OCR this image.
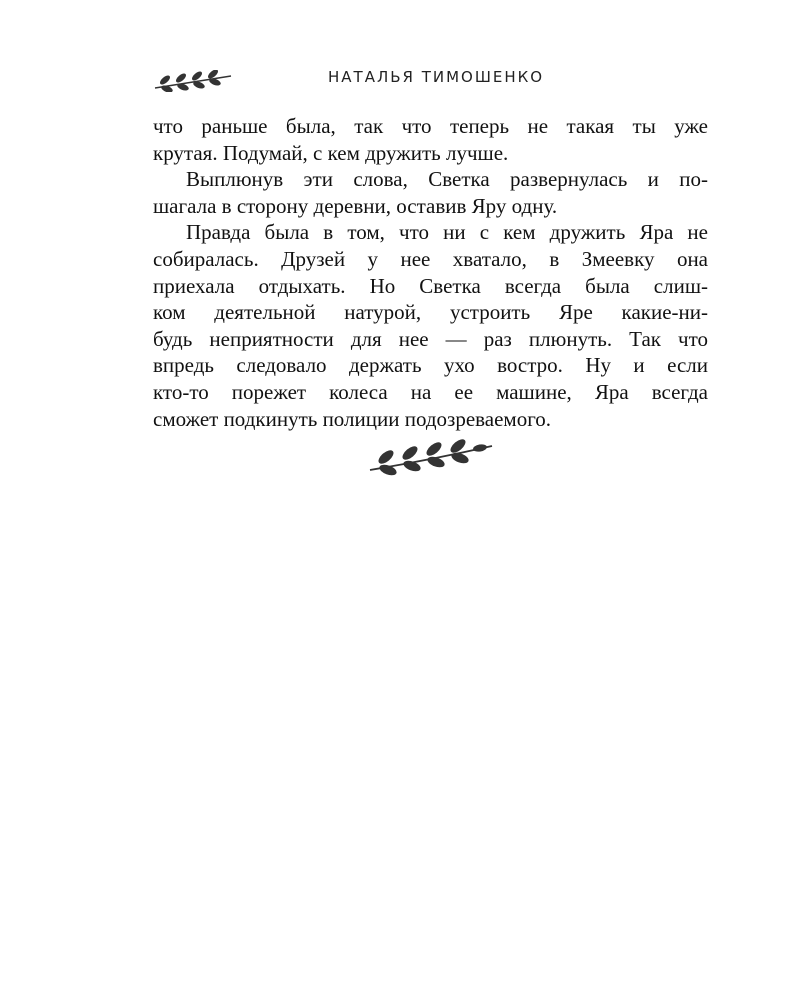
НАТАЛЬЯ ТИМОШЕНКО
что раньше была, так что теперь не такая ты уже
крутая. Подумай, с кем дружить лучше.
Выплюнув эти слова, Светка развернулась и по-
шагала в сторону деревни, оставив Яру одну.
Правда была в том, что ни с кем дружить Яра не
собиралась. Друзей у нее хватало, в Змеевку она
приехала отдыхать. Но Светка всегда была слиш-
ком деятельной натурой, устроить Яре какие-ни-
будь неприятности для нее — раз плюнуть. Так что
впредь следовало держать ухо востро. Ну и если
кто-то порежет колеса на ее машине, Яра всегда
сможет подкинуть полиции подозреваемого.
